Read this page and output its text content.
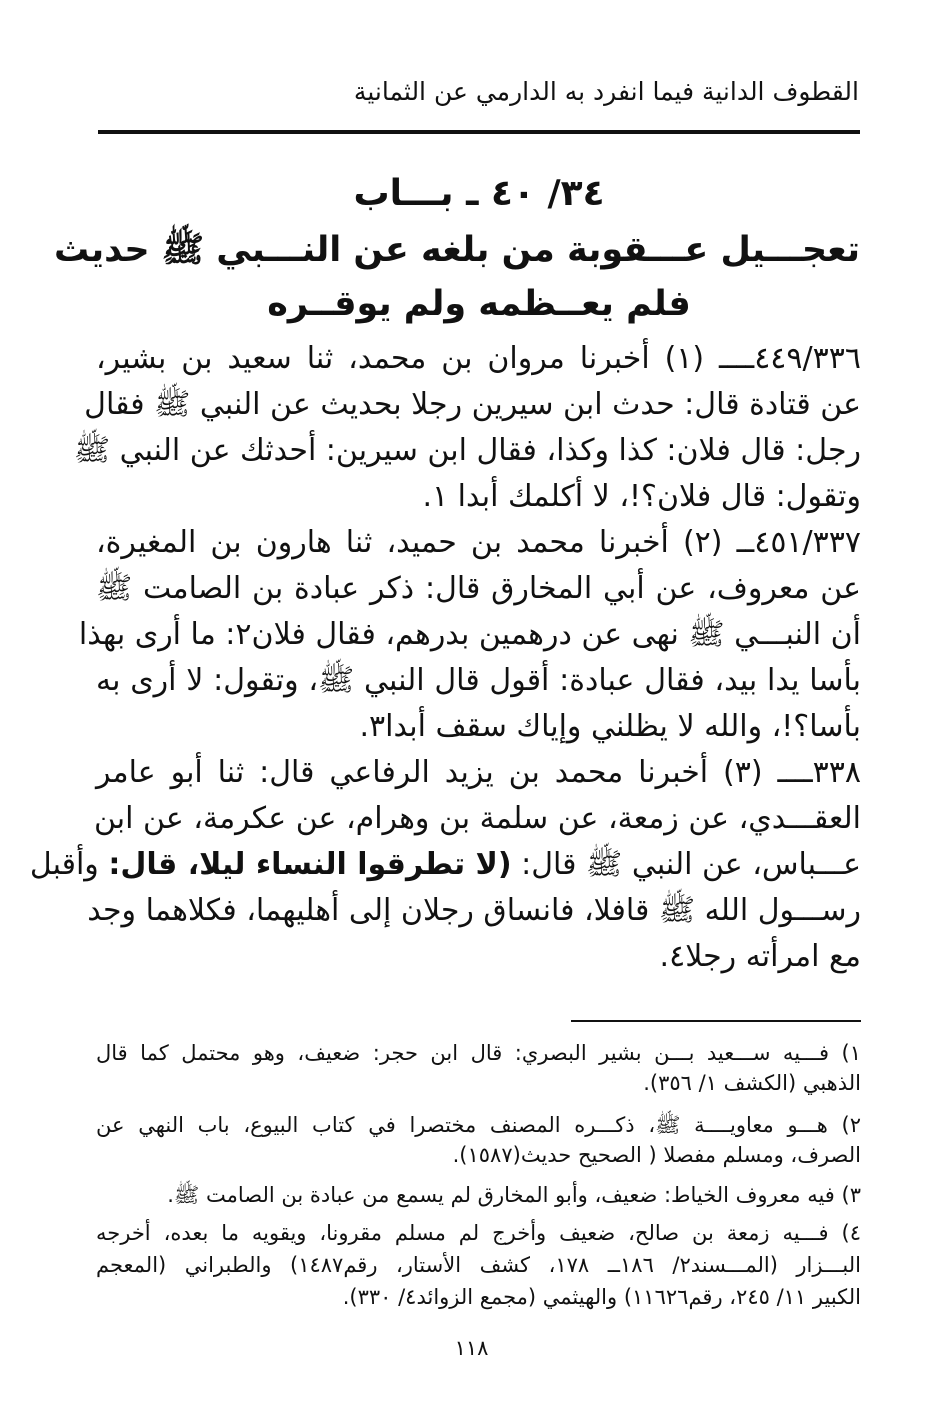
القطوف الدانية فيما انفرد به الدارمي عن الثمانية
٣٤/ ٤٠ ـ بـــاب
تعجـــيل عـــقوبة من بلغه عن النـــبي ﷺ حديث
فلم يعــظمه ولم يوقــره
٤٤٩/٣٣٦ــــ (١) أخبرنا مروان بن محمد، ثنا سعيد بن بشير،
عن قتادة قال: حدث ابن سيرين رجلا بحديث عن النبي ﷺ فقال
رجل: قال فلان: كذا وكذا، فقال ابن سيرين: أحدثك عن النبي ﷺ
وتقول: قال فلان؟!، لا أكلمك أبدا ١.
٤٥١/٣٣٧ــ (٢) أخبرنا محمد بن حميد، ثنا هارون بن المغيرة،
عن معروف، عن أبي المخارق قال: ذكر عبادة بن الصامت ﷺ
أن النبـــي ﷺ نهى عن درهمين بدرهم، فقال فلان٢: ما أرى بهذا
بأسا يدا بيد، فقال عبادة: أقول قال النبي ﷺ، وتقول: لا أرى به
بأسا؟!، والله لا يظلني وإياك سقف أبدا٣.
٣٣٨ــــ (٣) أخبرنا محمد بن يزيد الرفاعي قال: ثنا أبو عامر
العقـــدي، عن زمعة، عن سلمة بن وهرام، عن عكرمة، عن ابن
عـــباس، عن النبي ﷺ قال: (لا تطرقوا النساء ليلا، قال: وأقبل
رســـول الله ﷺ قافلا، فانساق رجلان إلى أهليهما، فكلاهما وجد
مع امرأته رجلا٤.
١) فـــيه ســـعيد بـــن بشير البصري: قال ابن حجر: ضعيف، وهو محتمل كما قال
الذهبي (الكشف ١/ ٣٥٦).
٢) هـــو معاويــــة ﷺ، ذكـــره المصنف مختصرا في كتاب البيوع، باب النهي عن
الصرف، ومسلم مفصلا ( الصحيح حديث(١٥٨٧).
٣) فيه معروف الخياط: ضعيف، وأبو المخارق لم يسمع من عبادة بن الصامت ﷺ.
٤) فـــيه زمعة بن صالح، ضعيف وأخرج لم مسلم مقرونا، ويقويه ما بعده، أخرجه
البـــزار (المـــسند٢/ ١٨٦ــ ١٧٨، كشف الأستار، رقم١٤٨٧) والطبراني (المعجم
الكبير ١١/ ٢٤٥، رقم١١٦٢٦) والهيثمي (مجمع الزوائد٤/ ٣٣٠).
١١٨
